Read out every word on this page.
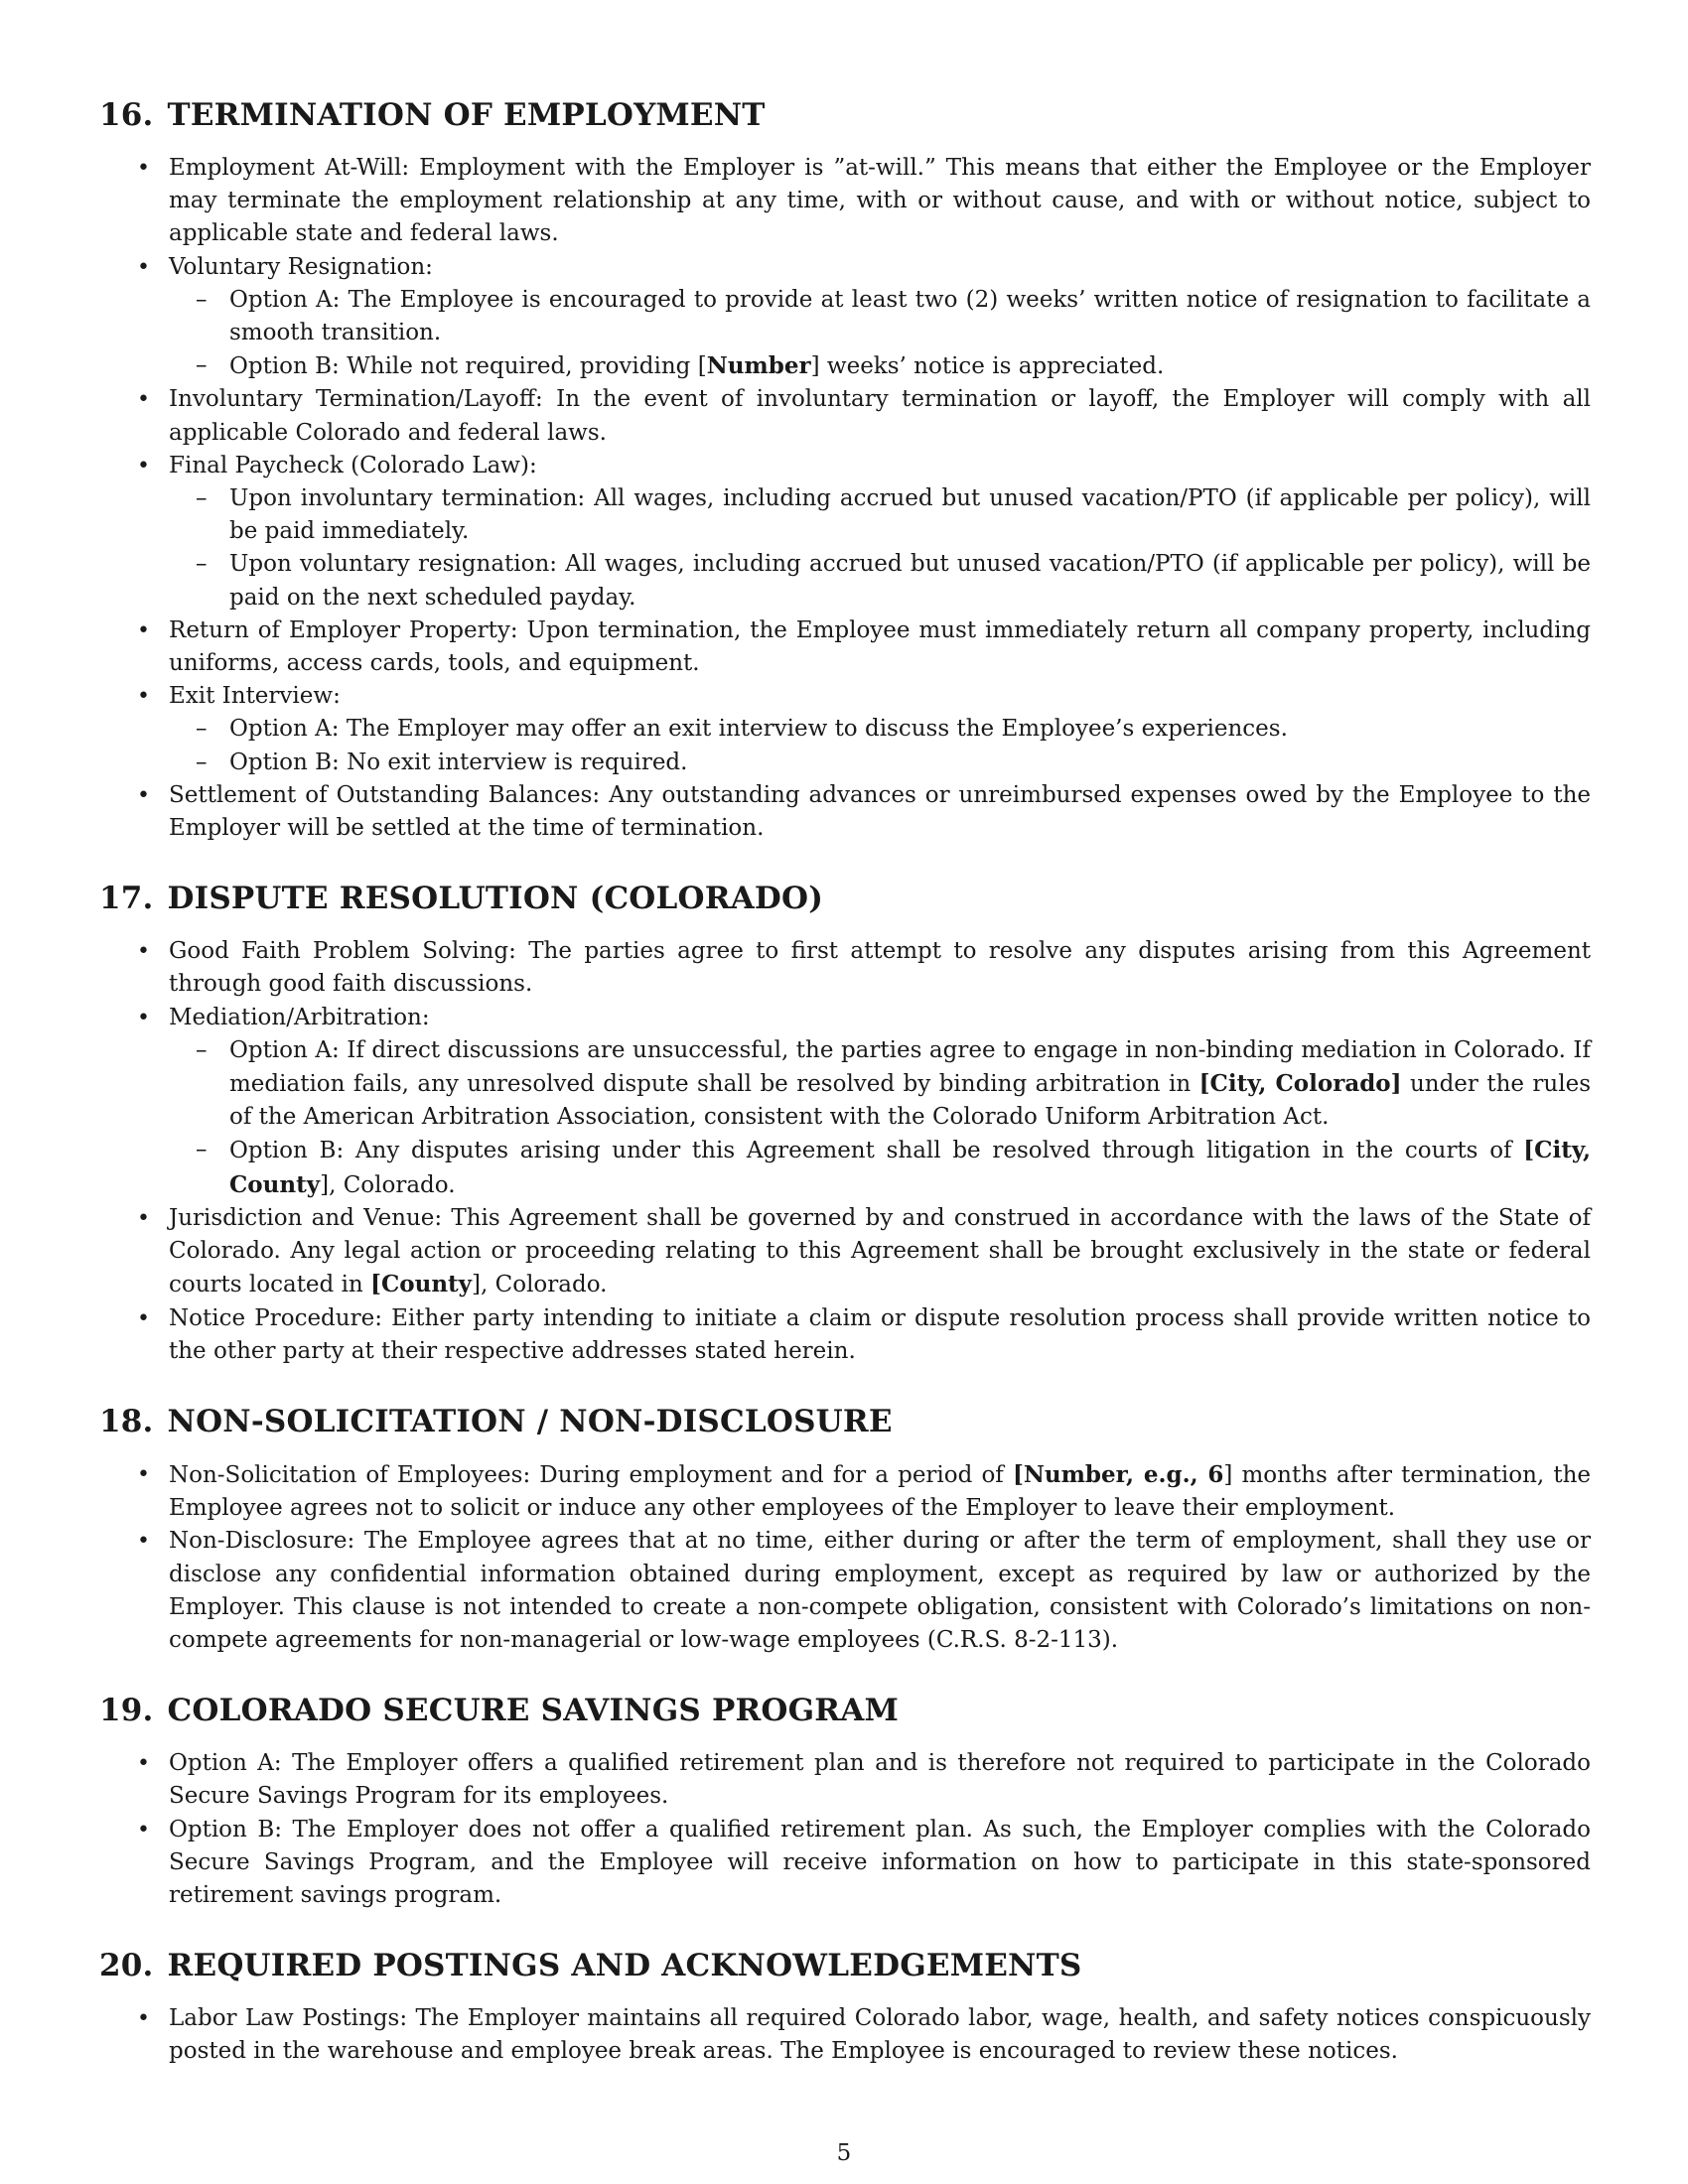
16. TERMINATION OF EMPLOYMENT
• Employment At-Will: Employment with the Employer is ”at-will.” This means that either the Employee or the Employer may terminate the employment relationship at any time, with or without cause, and with or without notice, subject to applicable state and federal laws.
• Voluntary Resignation:
– Option A: The Employee is encouraged to provide at least two (2) weeks’ written notice of resignation to facilitate a smooth transition.
– Option B: While not required, providing [Number] weeks’ notice is appreciated.
• Involuntary Termination/Layoff: In the event of involuntary termination or layoff, the Employer will comply with all applicable Colorado and federal laws.
• Final Paycheck (Colorado Law):
– Upon involuntary termination: All wages, including accrued but unused vacation/PTO (if applicable per policy), will be paid immediately.
– Upon voluntary resignation: All wages, including accrued but unused vacation/PTO (if applicable per policy), will be paid on the next scheduled payday.
• Return of Employer Property: Upon termination, the Employee must immediately return all company property, including uniforms, access cards, tools, and equipment.
• Exit Interview:
– Option A: The Employer may offer an exit interview to discuss the Employee’s experiences.
– Option B: No exit interview is required.
• Settlement of Outstanding Balances: Any outstanding advances or unreimbursed expenses owed by the Employee to the Employer will be settled at the time of termination.
17. DISPUTE RESOLUTION (COLORADO)
• Good Faith Problem Solving: The parties agree to first attempt to resolve any disputes arising from this Agreement through good faith discussions.
• Mediation/Arbitration:
– Option A: If direct discussions are unsuccessful, the parties agree to engage in non-binding mediation in Colorado. If mediation fails, any unresolved dispute shall be resolved by binding arbitration in [City, Colorado] under the rules of the American Arbitration Association, consistent with the Colorado Uniform Arbitration Act.
– Option B: Any disputes arising under this Agreement shall be resolved through litigation in the courts of [City, County], Colorado.
• Jurisdiction and Venue: This Agreement shall be governed by and construed in accordance with the laws of the State of Colorado. Any legal action or proceeding relating to this Agreement shall be brought exclusively in the state or federal courts located in [County], Colorado.
• Notice Procedure: Either party intending to initiate a claim or dispute resolution process shall provide written notice to the other party at their respective addresses stated herein.
18. NON-SOLICITATION / NON-DISCLOSURE
• Non-Solicitation of Employees: During employment and for a period of [Number, e.g., 6] months after termination, the Employee agrees not to solicit or induce any other employees of the Employer to leave their employment.
• Non-Disclosure: The Employee agrees that at no time, either during or after the term of employment, shall they use or disclose any confidential information obtained during employment, except as required by law or authorized by the Employer. This clause is not intended to create a non-compete obligation, consistent with Colorado’s limitations on non-compete agreements for non-managerial or low-wage employees (C.R.S. 8-2-113).
19. COLORADO SECURE SAVINGS PROGRAM
• Option A: The Employer offers a qualified retirement plan and is therefore not required to participate in the Colorado Secure Savings Program for its employees.
• Option B: The Employer does not offer a qualified retirement plan. As such, the Employer complies with the Colorado Secure Savings Program, and the Employee will receive information on how to participate in this state-sponsored retirement savings program.
20. REQUIRED POSTINGS AND ACKNOWLEDGEMENTS
• Labor Law Postings: The Employer maintains all required Colorado labor, wage, health, and safety notices conspicuously posted in the warehouse and employee break areas. The Employee is encouraged to review these notices.
5
